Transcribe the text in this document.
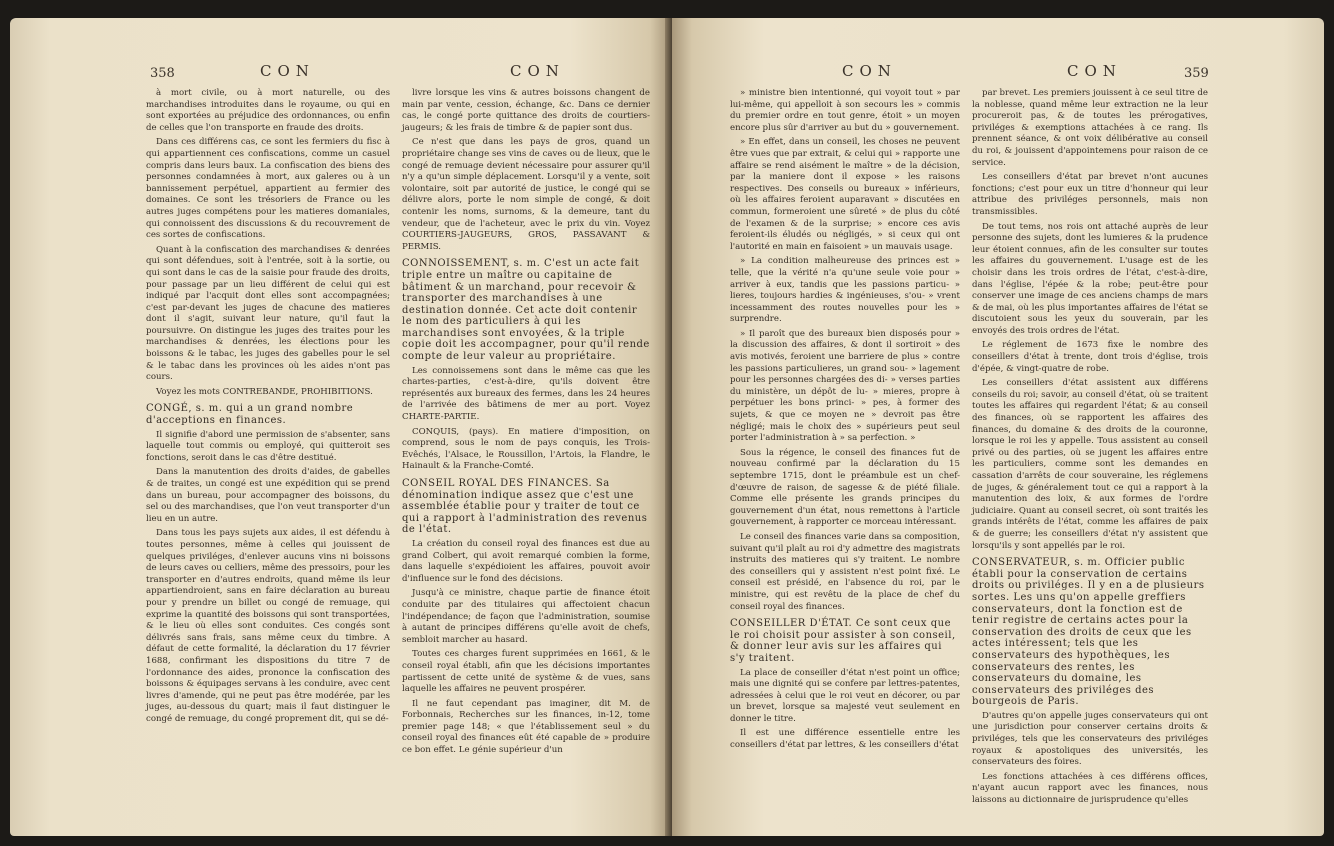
358	CON	CON

à mort civile, ou à mort naturelle, ou des marchandises introduites dans le royaume, ou qui en sont exportées au préjudice des ordonnances, ou enfin de celles que l'on transporte en fraude des droits.

Dans ces différens cas, ce sont les fermiers du fisc à qui appartiennent ces confiscations, comme un casuel compris dans leurs baux. La confiscation des biens des personnes condamnées à mort, aux galeres ou à un bannissement perpétuel, appartient au fermier des domaines. Ce sont les trésoriers de France ou les autres juges compétens pour les matieres domaniales, qui connoissent des discussions & du recouvrement de ces sortes de confiscations.

Quant à la confiscation des marchandises & denrées qui sont défendues, soit à l'entrée, soit à la sortie, ou qui sont dans le cas de la saisie pour fraude des droits, pour passage par un lieu différent de celui qui est indiqué par l'acquit dont elles sont accompagnées; c'est par-devant les juges de chacune des matieres dont il s'agit, suivant leur nature, qu'il faut la poursuivre. On distingue les juges des traites pour les marchandises & denrées, les élections pour les boissons & le tabac, les juges des gabelles pour le sel & le tabac dans les provinces où les aides n'ont pas cours.

Voyez les mots CONTREBANDE, PROHIBITIONS.

CONGÉ, s. m. qui a un grand nombre d'acceptions en finances.

Il signifie d'abord une permission de s'absenter, sans laquelle tout commis ou employé, qui quitteroit ses fonctions, seroit dans le cas d'être destitué.

Dans la manutention des droits d'aides, de gabelles & de traites, un congé est une expédition qui se prend dans un bureau, pour accompagner des boissons, du sel ou des marchandises, que l'on veut transporter d'un lieu en un autre.

Dans tous les pays sujets aux aides, il est défendu à toutes personnes, même à celles qui jouissent de quelques priviléges, d'enlever aucuns vins ni boissons de leurs caves ou celliers, même des pressoirs, pour les transporter en d'autres endroits, quand même ils leur appartiendroient, sans en faire déclaration au bureau pour y prendre un billet ou congé de remuage, qui exprime la quantité des boissons qui sont transportées, & le lieu où elles sont conduites. Ces congés sont délivrés sans frais, sans même ceux du timbre. A défaut de cette formalité, la déclaration du 17 février 1688, confirmant les dispositions du titre 7 de l'ordonnance des aides, prononce la confiscation des boissons & équipages servans à les conduire, avec cent livres d'amende, qui ne peut pas être modérée, par les juges, au-dessous du quart; mais il faut distinguer le congé de remuage, du congé proprement dit, qui se dé-

livre lorsque les vins & autres boissons changent de main par vente, cession, échange, &c. Dans ce dernier cas, le congé porte quittance des droits de courtiers-jaugeurs; & les frais de timbre & de papier sont dus.

Ce n'est que dans les pays de gros, quand un propriétaire change ses vins de caves ou de lieux, que le congé de remuage devient nécessaire pour assurer qu'il n'y a qu'un simple déplacement. Lorsqu'il y a vente, soit volontaire, soit par autorité de justice, le congé qui se délivre alors, porte le nom simple de congé, & doit contenir les noms, surnoms, & la demeure, tant du vendeur, que de l'acheteur, avec le prix du vin. Voyez COURTIERS-JAUGEURS, GROS, PASSAVANT & PERMIS.

CONNOISSEMENT, s. m. C'est un acte fait triple entre un maître ou capitaine de bâtiment & un marchand, pour recevoir & transporter des marchandises à une destination donnée. Cet acte doit contenir le nom des particuliers à qui les marchandises sont envoyées, & la triple copie doit les accompagner, pour qu'il rende compte de leur valeur au propriétaire.

Les connoissemens sont dans le même cas que les chartes-parties, c'est-à-dire, qu'ils doivent être représentés aux bureaux des fermes, dans les 24 heures de l'arrivée des bâtimens de mer au port. Voyez CHARTE-PARTIE.

CONQUIS, (pays). En matiere d'imposition, on comprend, sous le nom de pays conquis, les Trois-Evêchés, l'Alsace, le Roussillon, l'Artois, la Flandre, le Hainault & la Franche-Comté.

CONSEIL ROYAL DES FINANCES. Sa dénomination indique assez que c'est une assemblée établie pour y traiter de tout ce qui a rapport à l'administration des revenus de l'état.

La création du conseil royal des finances est due au grand Colbert, qui avoit remarqué combien la forme, dans laquelle s'expédioient les affaires, pouvoit avoir d'influence sur le fond des décisions.

Jusqu'à ce ministre, chaque partie de finance étoit conduite par des titulaires qui affectoient chacun l'indépendance; de façon que l'administration, soumise à autant de principes différens qu'elle avoit de chefs, sembloit marcher au hasard.

Toutes ces charges furent supprimées en 1661, & le conseil royal établi, afin que les décisions importantes partissent de cette unité de système & de vues, sans laquelle les affaires ne peuvent prospérer.

Il ne faut cependant pas imaginer, dit M. de Forbonnais, Recherches sur les finances, in-12, tome premier page 148; « que l'établissement seul » du conseil royal des finances eût été capable de » produire ce bon effet. Le génie supérieur d'un

CON	CON	359

» ministre bien intentionné, qui voyoit tout » par lui-même, qui appelloit à son secours les » commis du premier ordre en tout genre, étoit » un moyen encore plus sûr d'arriver au but du » gouvernement.

» En effet, dans un conseil, les choses ne peuvent être vues que par extrait, & celui qui » rapporte une affaire se rend aisément le maître » de la décision, par la maniere dont il expose » les raisons respectives. Des conseils ou bureaux » inférieurs, où les affaires feroient auparavant » discutées en commun, formeroient une sûreté » de plus du côté de l'examen & de la surprise; » encore ces avis feroient-ils éludés ou négligés, » si ceux qui ont l'autorité en main en faisoient » un mauvais usage.

» La condition malheureuse des princes est » telle, que la vérité n'a qu'une seule voie pour » arriver à eux, tandis que les passions particu- » lieres, toujours hardies & ingénieuses, s'ou- » vrent incessamment des routes nouvelles pour les » surprendre.

» Il paroît que des bureaux bien disposés pour » la discussion des affaires, & dont il sortiroit » des avis motivés, feroient une barriere de plus » contre les passions particulieres, un grand sou- » lagement pour les personnes chargées des di- » verses parties du ministère, un dépôt de lu- » mieres, propre à perpétuer les bons princi- » pes, à former des sujets, & que ce moyen ne » devroit pas être négligé; mais le choix des » supérieurs peut seul porter l'administration à » sa perfection. »

Sous la régence, le conseil des finances fut de nouveau confirmé par la déclaration du 15 septembre 1715, dont le préambule est un chef-d'œuvre de raison, de sagesse & de piété filiale. Comme elle présente les grands principes du gouvernement d'un état, nous remettons à l'article gouvernement, à rapporter ce morceau intéressant.

Le conseil des finances varie dans sa composition, suivant qu'il plaît au roi d'y admettre des magistrats instruits des matieres qui s'y traitent. Le nombre des conseillers qui y assistent n'est point fixé. Le conseil est présidé, en l'absence du roi, par le ministre, qui est revêtu de la place de chef du conseil royal des finances.

CONSEILLER D'ÉTAT. Ce sont ceux que le roi choisit pour assister à son conseil, & donner leur avis sur les affaires qui s'y traitent.

La place de conseiller d'état n'est point un office; mais une dignité qui se confere par lettres-patentes, adressées à celui que le roi veut en décorer, ou par un brevet, lorsque sa majesté veut seulement en donner le titre.

Il est une différence essentielle entre les conseillers d'état par lettres, & les conseillers d'état

par brevet. Les premiers jouissent à ce seul titre de la noblesse, quand même leur extraction ne la leur procureroit pas, & de toutes les prérogatives, priviléges & exemptions attachées à ce rang. Ils prennent séance, & ont voix délibérative au conseil du roi, & jouissent d'appointemens pour raison de ce service.

Les conseillers d'état par brevet n'ont aucunes fonctions; c'est pour eux un titre d'honneur qui leur attribue des priviléges personnels, mais non transmissibles.

De tout tems, nos rois ont attaché auprès de leur personne des sujets, dont les lumieres & la prudence leur étoient connues, afin de les consulter sur toutes les affaires du gouvernement. L'usage est de les choisir dans les trois ordres de l'état, c'est-à-dire, dans l'église, l'épée & la robe; peut-être pour conserver une image de ces anciens champs de mars & de mai, où les plus importantes affaires de l'état se discutoient sous les yeux du souverain, par les envoyés des trois ordres de l'état.

Le réglement de 1673 fixe le nombre des conseillers d'état à trente, dont trois d'église, trois d'épée, & vingt-quatre de robe.

Les conseillers d'état assistent aux différens conseils du roi; savoir, au conseil d'état, où se traitent toutes les affaires qui regardent l'état; & au conseil des finances, où se rapportent les affaires des finances, du domaine & des droits de la couronne, lorsque le roi les y appelle. Tous assistent au conseil privé ou des parties, où se jugent les affaires entre les particuliers, comme sont les demandes en cassation d'arrêts de cour souveraine, les réglemens de juges, & généralement tout ce qui a rapport à la manutention des loix, & aux formes de l'ordre judiciaire. Quant au conseil secret, où sont traités les grands intérêts de l'état, comme les affaires de paix & de guerre; les conseillers d'état n'y assistent que lorsqu'ils y sont appellés par le roi.

CONSERVATEUR, s. m. Officier public établi pour la conservation de certains droits ou priviléges. Il y en a de plusieurs sortes. Les uns qu'on appelle greffiers conservateurs, dont la fonction est de tenir registre de certains actes pour la conservation des droits de ceux que les actes intéressent; tels que les conservateurs des hypothèques, les conservateurs des rentes, les conservateurs du domaine, les conservateurs des priviléges des bourgeois de Paris.

D'autres qu'on appelle juges conservateurs qui ont une jurisdiction pour conserver certains droits & priviléges, tels que les conservateurs des priviléges royaux & apostoliques des universités, les conservateurs des foires.

Les fonctions attachées à ces différens offices, n'ayant aucun rapport avec les finances, nous laissons au dictionnaire de jurisprudence qu'elles
